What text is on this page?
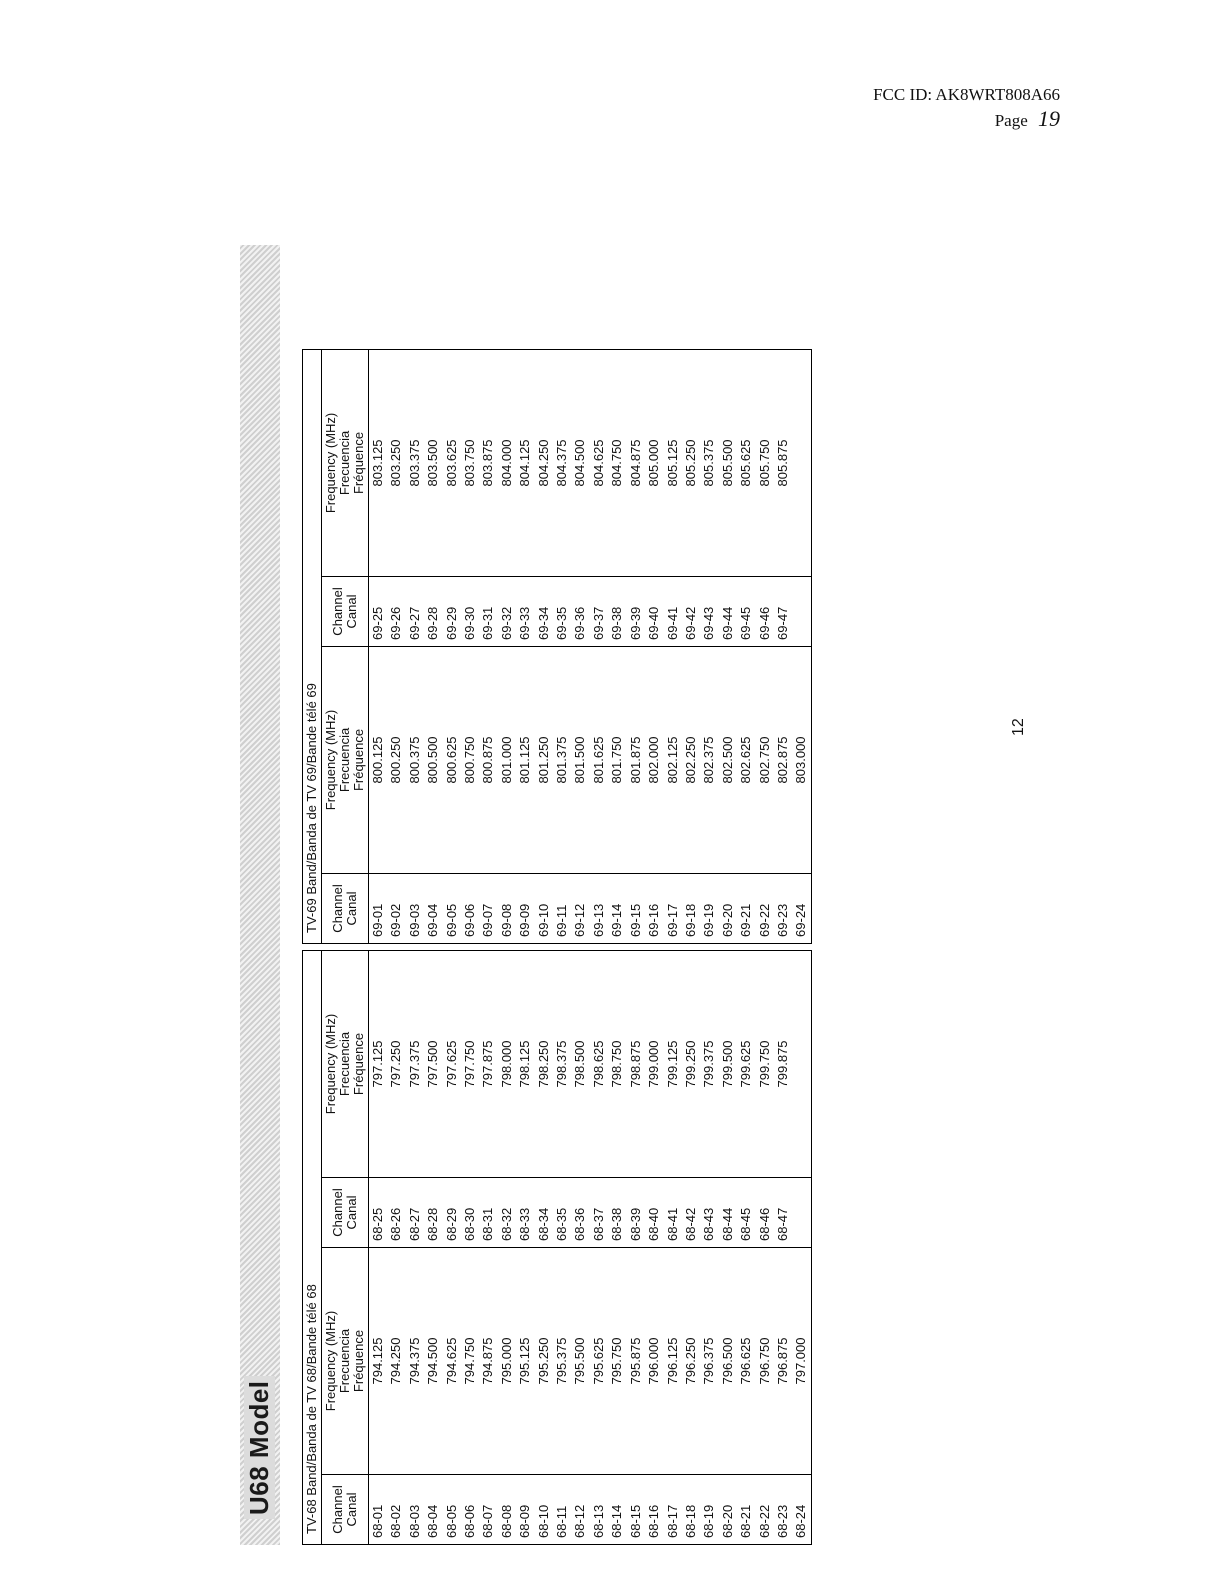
FCC ID: AK8WRT808A66
Page 19
12
U68 Model TV-68 Band/Banda de TV 68/Bande télé 68			
Channel
Canal	Frequency (MHz)
Frecuencia
Fréquence	Channel
Canal	Frequency (MHz)
Frecuencia
Fréquence
68-01	794.125	68-25	797.125
68-02	794.250	68-26	797.250
68-03	794.375	68-27	797.375
68-04	794.500	68-28	797.500
68-05	794.625	68-29	797.625
68-06	794.750	68-30	797.750
68-07	794.875	68-31	797.875
68-08	795.000	68-32	798.000
68-09	795.125	68-33	798.125
68-10	795.250	68-34	798.250
68-11	795.375	68-35	798.375
68-12	795.500	68-36	798.500
68-13	795.625	68-37	798.625
68-14	795.750	68-38	798.750
68-15	795.875	68-39	798.875
68-16	796.000	68-40	799.000
68-17	796.125	68-41	799.125
68-18	796.250	68-42	799.250
68-19	796.375	68-43	799.375
68-20	796.500	68-44	799.500
68-21	796.625	68-45	799.625
68-22	796.750	68-46	799.750
68-23	796.875	68-47	799.875
68-24	797.000		
TV-69 Band/Banda de TV 69/Bande télé 69			
Channel
Canal	Frequency (MHz)
Frecuencia
Fréquence	Channel
Canal	Frequency (MHz)
Frecuencia
Fréquence
69-01	800.125	69-25	803.125
69-02	800.250	69-26	803.250
69-03	800.375	69-27	803.375
69-04	800.500	69-28	803.500
69-05	800.625	69-29	803.625
69-06	800.750	69-30	803.750
69-07	800.875	69-31	803.875
69-08	801.000	69-32	804.000
69-09	801.125	69-33	804.125
69-10	801.250	69-34	804.250
69-11	801.375	69-35	804.375
69-12	801.500	69-36	804.500
69-13	801.625	69-37	804.625
69-14	801.750	69-38	804.750
69-15	801.875	69-39	804.875
69-16	802.000	69-40	805.000
69-17	802.125	69-41	805.125
69-18	802.250	69-42	805.250
69-19	802.375	69-43	805.375
69-20	802.500	69-44	805.500
69-21	802.625	69-45	805.625
69-22	802.750	69-46	805.750
69-23	802.875	69-47	805.875
69-24	803.000		
